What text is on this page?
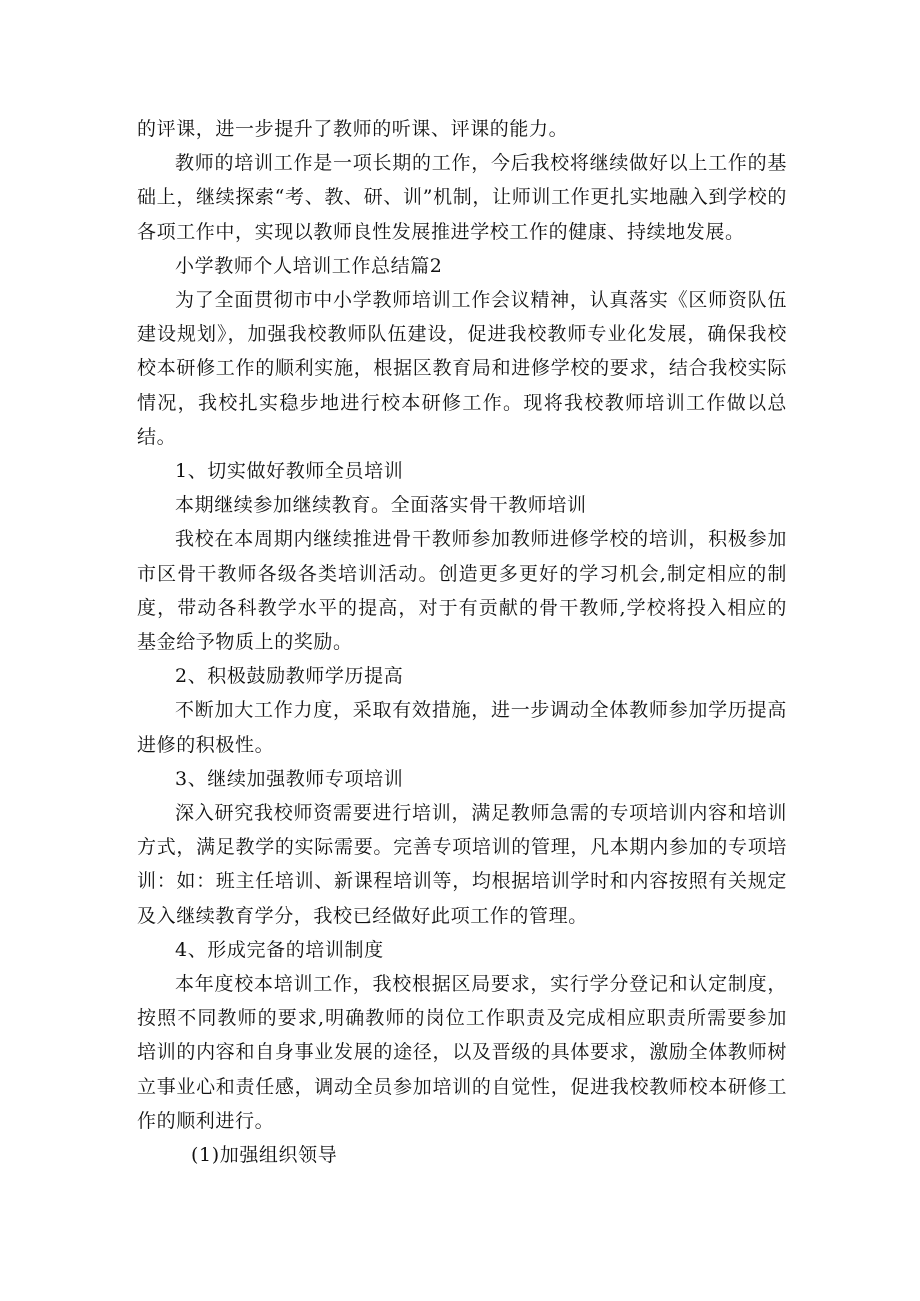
的评课，进一步提升了教师的听课、评课的能力。

教师的培训工作是一项长期的工作，今后我校将继续做好以上工作的基础上，继续探索“考、教、研、训”机制，让师训工作更扎实地融入到学校的各项工作中，实现以教师良性发展推进学校工作的健康、持续地发展。

小学教师个人培训工作总结篇2

为了全面贯彻市中小学教师培训工作会议精神，认真落实《区师资队伍建设规划》，加强我校教师队伍建设，促进我校教师专业化发展，确保我校校本研修工作的顺利实施，根据区教育局和进修学校的要求，结合我校实际情况，我校扎实稳步地进行校本研修工作。现将我校教师培训工作做以总结。

1、切实做好教师全员培训

本期继续参加继续教育。全面落实骨干教师培训

我校在本周期内继续推进骨干教师参加教师进修学校的培训，积极参加市区骨干教师各级各类培训活动。创造更多更好的学习机会,制定相应的制度，带动各科教学水平的提高，对于有贡献的骨干教师,学校将投入相应的基金给予物质上的奖励。

2、积极鼓励教师学历提高

不断加大工作力度，采取有效措施，进一步调动全体教师参加学历提高进修的积极性。

3、继续加强教师专项培训

深入研究我校师资需要进行培训，满足教师急需的专项培训内容和培训方式，满足教学的实际需要。完善专项培训的管理，凡本期内参加的专项培训：如：班主任培训、新课程培训等，均根据培训学时和内容按照有关规定及入继续教育学分，我校已经做好此项工作的管理。

4、形成完备的培训制度

本年度校本培训工作，我校根据区局要求，实行学分登记和认定制度，按照不同教师的要求,明确教师的岗位工作职责及完成相应职责所需要参加培训的内容和自身事业发展的途径，以及晋级的具体要求，激励全体教师树立事业心和责任感，调动全员参加培训的自觉性，促进我校教师校本研修工作的顺利进行。

(1)加强组织领导
